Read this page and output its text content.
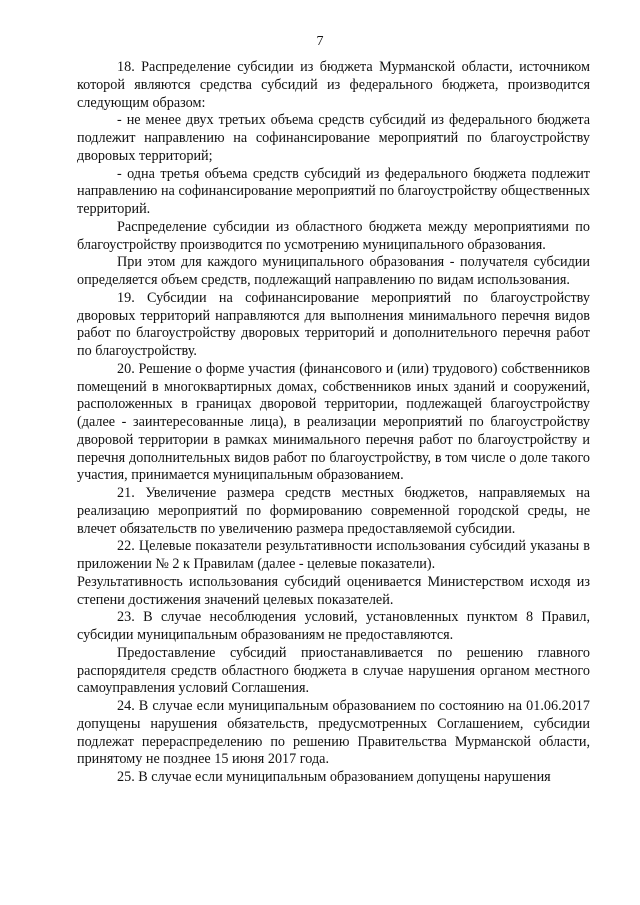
7

18. Распределение субсидии из бюджета Мурманской области, источником которой являются средства субсидий из федерального бюджета, производится следующим образом:

- не менее двух третьих объема средств субсидий из федерального бюджета подлежит направлению на софинансирование мероприятий по благоустройству дворовых территорий;

- одна третья объема средств субсидий из федерального бюджета подлежит направлению на софинансирование мероприятий по благоустройству общественных территорий.

Распределение субсидии из областного бюджета между мероприятиями по благоустройству производится по усмотрению муниципального образования.

При этом для каждого муниципального образования - получателя субсидии определяется объем средств, подлежащий направлению по видам использования.

19. Субсидии на софинансирование мероприятий по благоустройству дворовых территорий направляются для выполнения минимального перечня видов работ по благоустройству дворовых территорий и дополнительного перечня работ по благоустройству.

20. Решение о форме участия (финансового и (или) трудового) собственников помещений в многоквартирных домах, собственников иных зданий и сооружений, расположенных в границах дворовой территории, подлежащей благоустройству (далее - заинтересованные лица), в реализации мероприятий по благоустройству дворовой территории в рамках минимального перечня работ по благоустройству и перечня дополнительных видов работ по благоустройству, в том числе о доле такого участия, принимается муниципальным образованием.

21. Увеличение размера средств местных бюджетов, направляемых на реализацию мероприятий по формированию современной городской среды, не влечет обязательств по увеличению размера предоставляемой субсидии.

22. Целевые показатели результативности использования субсидий указаны в приложении № 2 к Правилам (далее - целевые показатели).

Результативность использования субсидий оценивается Министерством исходя из степени достижения значений целевых показателей.

23. В случае несоблюдения условий, установленных пунктом 8 Правил, субсидии муниципальным образованиям не предоставляются.

Предоставление субсидий приостанавливается по решению главного распорядителя средств областного бюджета в случае нарушения органом местного самоуправления условий Соглашения.

24. В случае если муниципальным образованием по состоянию на 01.06.2017 допущены нарушения обязательств, предусмотренных Соглашением, субсидии подлежат перераспределению по решению Правительства Мурманской области, принятому не позднее 15 июня 2017 года.

25. В случае если муниципальным образованием допущены нарушения
